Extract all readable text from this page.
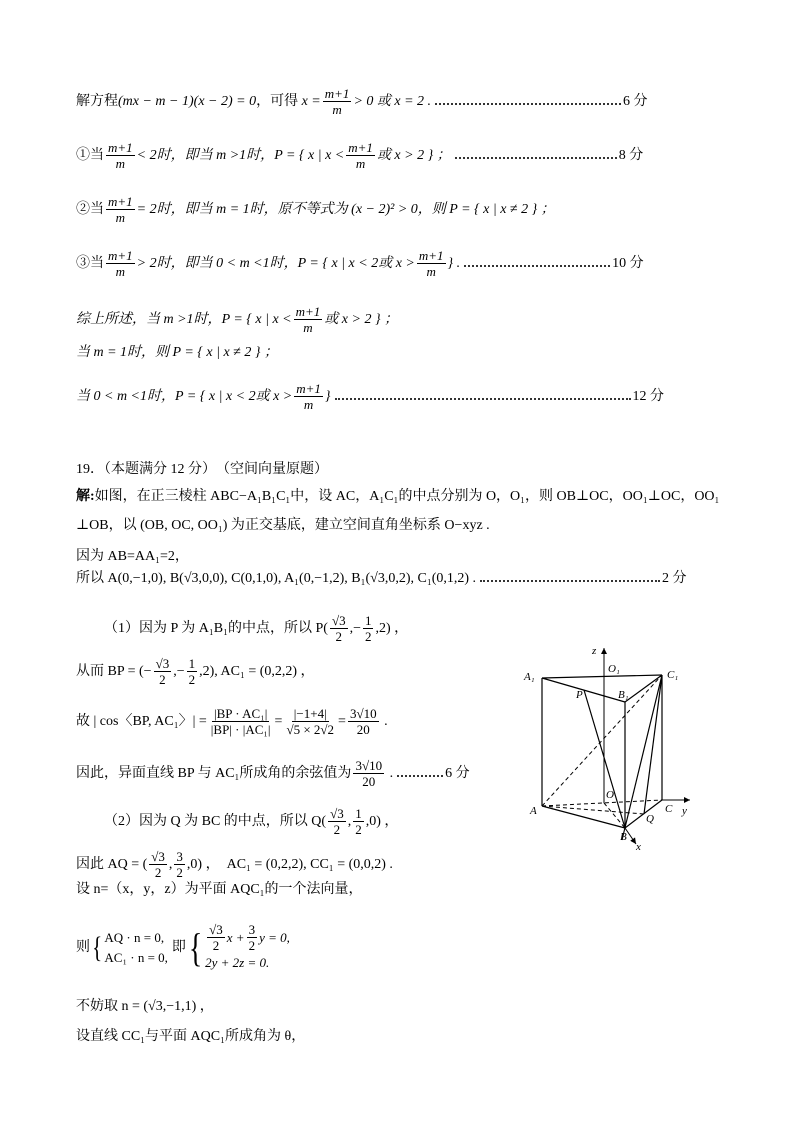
解方程 (mx − m − 1)(x − 2) = 0 ，可得 $x = \frac{m+1}{m} > 0$ 或 x = 2 .	6 分
①当 $\frac{m+1}{m} < 2$时，即当 m >1时， P = { x | $x < \frac{m+1}{m}$ 或 x > 2 } ；	8 分
②当 $\frac{m+1}{m} = 2$时，即当 m = 1时，原不等式为 (x − 2)² > 0，则 P = { x | x ≠ 2 } ；
③当 $\frac{m+1}{m} > 2$时，即当 0 < m <1时， P = { x | x < 2或 $x > \frac{m+1}{m}$ } .	10 分
综上所述，当 m >1时， P = { x | $x < \frac{m+1}{m}$ 或 x > 2 } ；
当 m = 1时，则 P = { x | x ≠ 2 } ；
当 0 < m <1时， P = { x | x < 2或 $x > \frac{m+1}{m}$ }	12 分
19．（本题满分 12 分）　（空间向量原题）
解: 如图，在正三棱柱 ABC−A₁B₁C₁中，设 AC，A₁C₁的中点分别为 O，O₁，则 OB⊥OC，OO₁⊥OC，OO₁
⊥OB，以 (OB, OC, OO₁) 为正交基底，建立空间直角坐标系 O−xyz .
因为 AB=AA₁=2，
所以 A(0,−1,0), B(√3,0,0), C(0,1,0), A₁(0,−1,2), B₁(√3,0,2), C₁(0,1,2) .	2 分
（1）因为 P 为 A₁B₁的中点，所以 $P( \frac{√3}{2}$ ,− $\frac{1}{2} ,2$) ，
从而 BP = (− $\frac{√3}{2}$ ,− $\frac{1}{2} ,2$), AC₁ = (0,2,2) ，
故 | cos〈BP, AC₁〉| = $\frac{\text{|BP · AC₁|}}{\text{|BP| · |AC₁|}} = \frac{|-1+4|}{√5 \times 2√2} = \frac{3√10}{20}$ .
因此，异面直线 BP 与 AC₁所成角的余弦值为 $\frac{3√10}{20}$ .	6 分
（2）因为 Q 为 BC 的中点，所以 $Q( \frac{√3}{2}$ , $\frac{1}{2} ,0$) ，
因此 AQ = ( $\frac{√3}{2}$ , $\frac{3}{2} ,0$) ，　AC₁ = (0,2,2), CC₁ = (0,0,2) .
设 n=（x，y，z）为平面 AQC₁的一个法向量，
则 { AQ · n = 0,
AC₁ · n = 0,
即 { $\frac{√3}{2}$ $x + \frac{3}{2}$ y = 0,
2y + 2z = 0.
不妨取 n = (√3,−1,1) ，
设直线 CC₁与平面 AQC₁所成角为 θ，
z
O₁
A₁	C₁
B₁
P
O
A	C y
Q
B
x
